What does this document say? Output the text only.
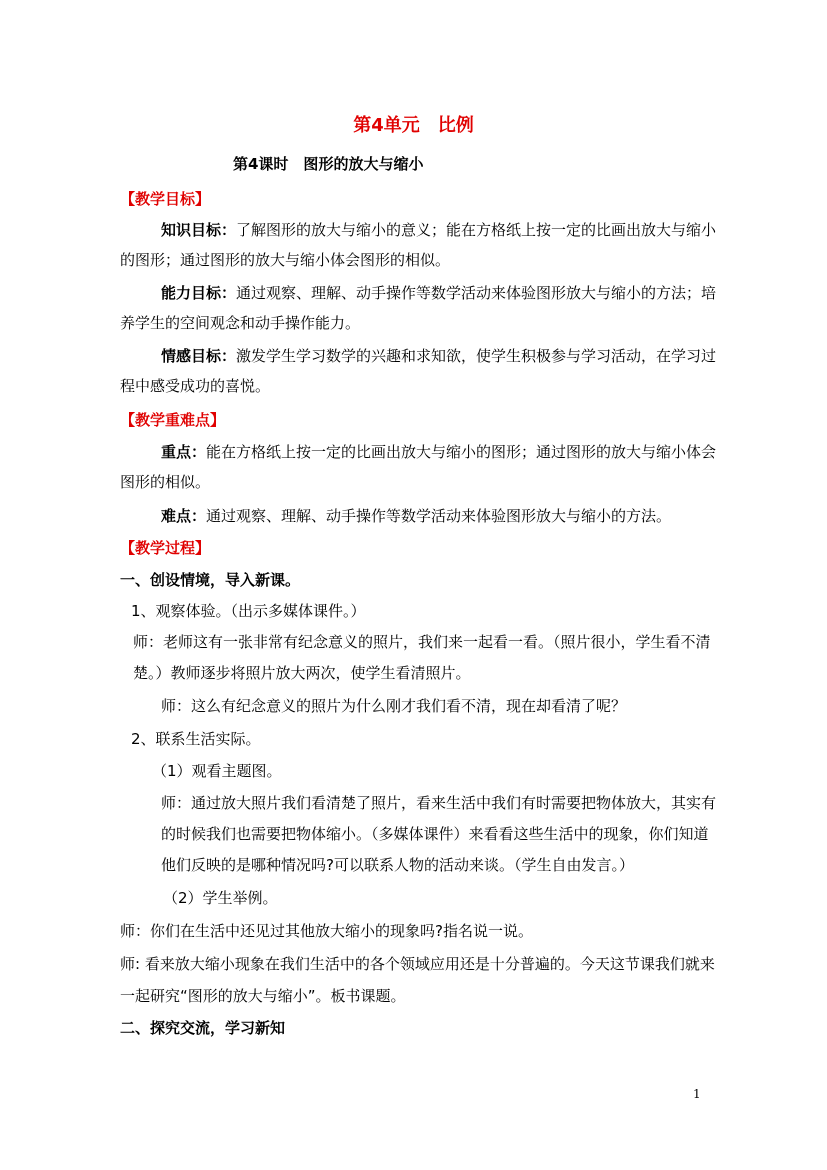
第4单元　比例
第4课时　图形的放大与缩小
【教学目标】
知识目标：了解图形的放大与缩小的意义；能在方格纸上按一定的比画出放大与缩小
的图形；通过图形的放大与缩小体会图形的相似。
能力目标：通过观察、理解、动手操作等数学活动来体验图形放大与缩小的方法；培
养学生的空间观念和动手操作能力。
情感目标：激发学生学习数学的兴趣和求知欲，使学生积极参与学习活动，在学习过
程中感受成功的喜悦。
【教学重难点】
重点：能在方格纸上按一定的比画出放大与缩小的图形；通过图形的放大与缩小体会
图形的相似。
难点：通过观察、理解、动手操作等数学活动来体验图形放大与缩小的方法。
【教学过程】
一、创设情境，导入新课。
1、观察体验。（出示多媒体课件。）
师：老师这有一张非常有纪念意义的照片，我们来一起看一看。（照片很小，学生看不清
楚。）教师逐步将照片放大两次，使学生看清照片。
师：这么有纪念意义的照片为什么刚才我们看不清，现在却看清了呢？
2、联系生活实际。
（1）观看主题图。
师：通过放大照片我们看清楚了照片，看来生活中我们有时需要把物体放大，其实有
的时候我们也需要把物体缩小。（多媒体课件）来看看这些生活中的现象，你们知道
他们反映的是哪种情况吗?可以联系人物的活动来谈。（学生自由发言。）
（2）学生举例。
师：你们在生活中还见过其他放大缩小的现象吗?指名说一说。
师: 看来放大缩小现象在我们生活中的各个领域应用还是十分普遍的。今天这节课我们就来
一起研究“图形的放大与缩小”。板书课题。
二、探究交流，学习新知
1
